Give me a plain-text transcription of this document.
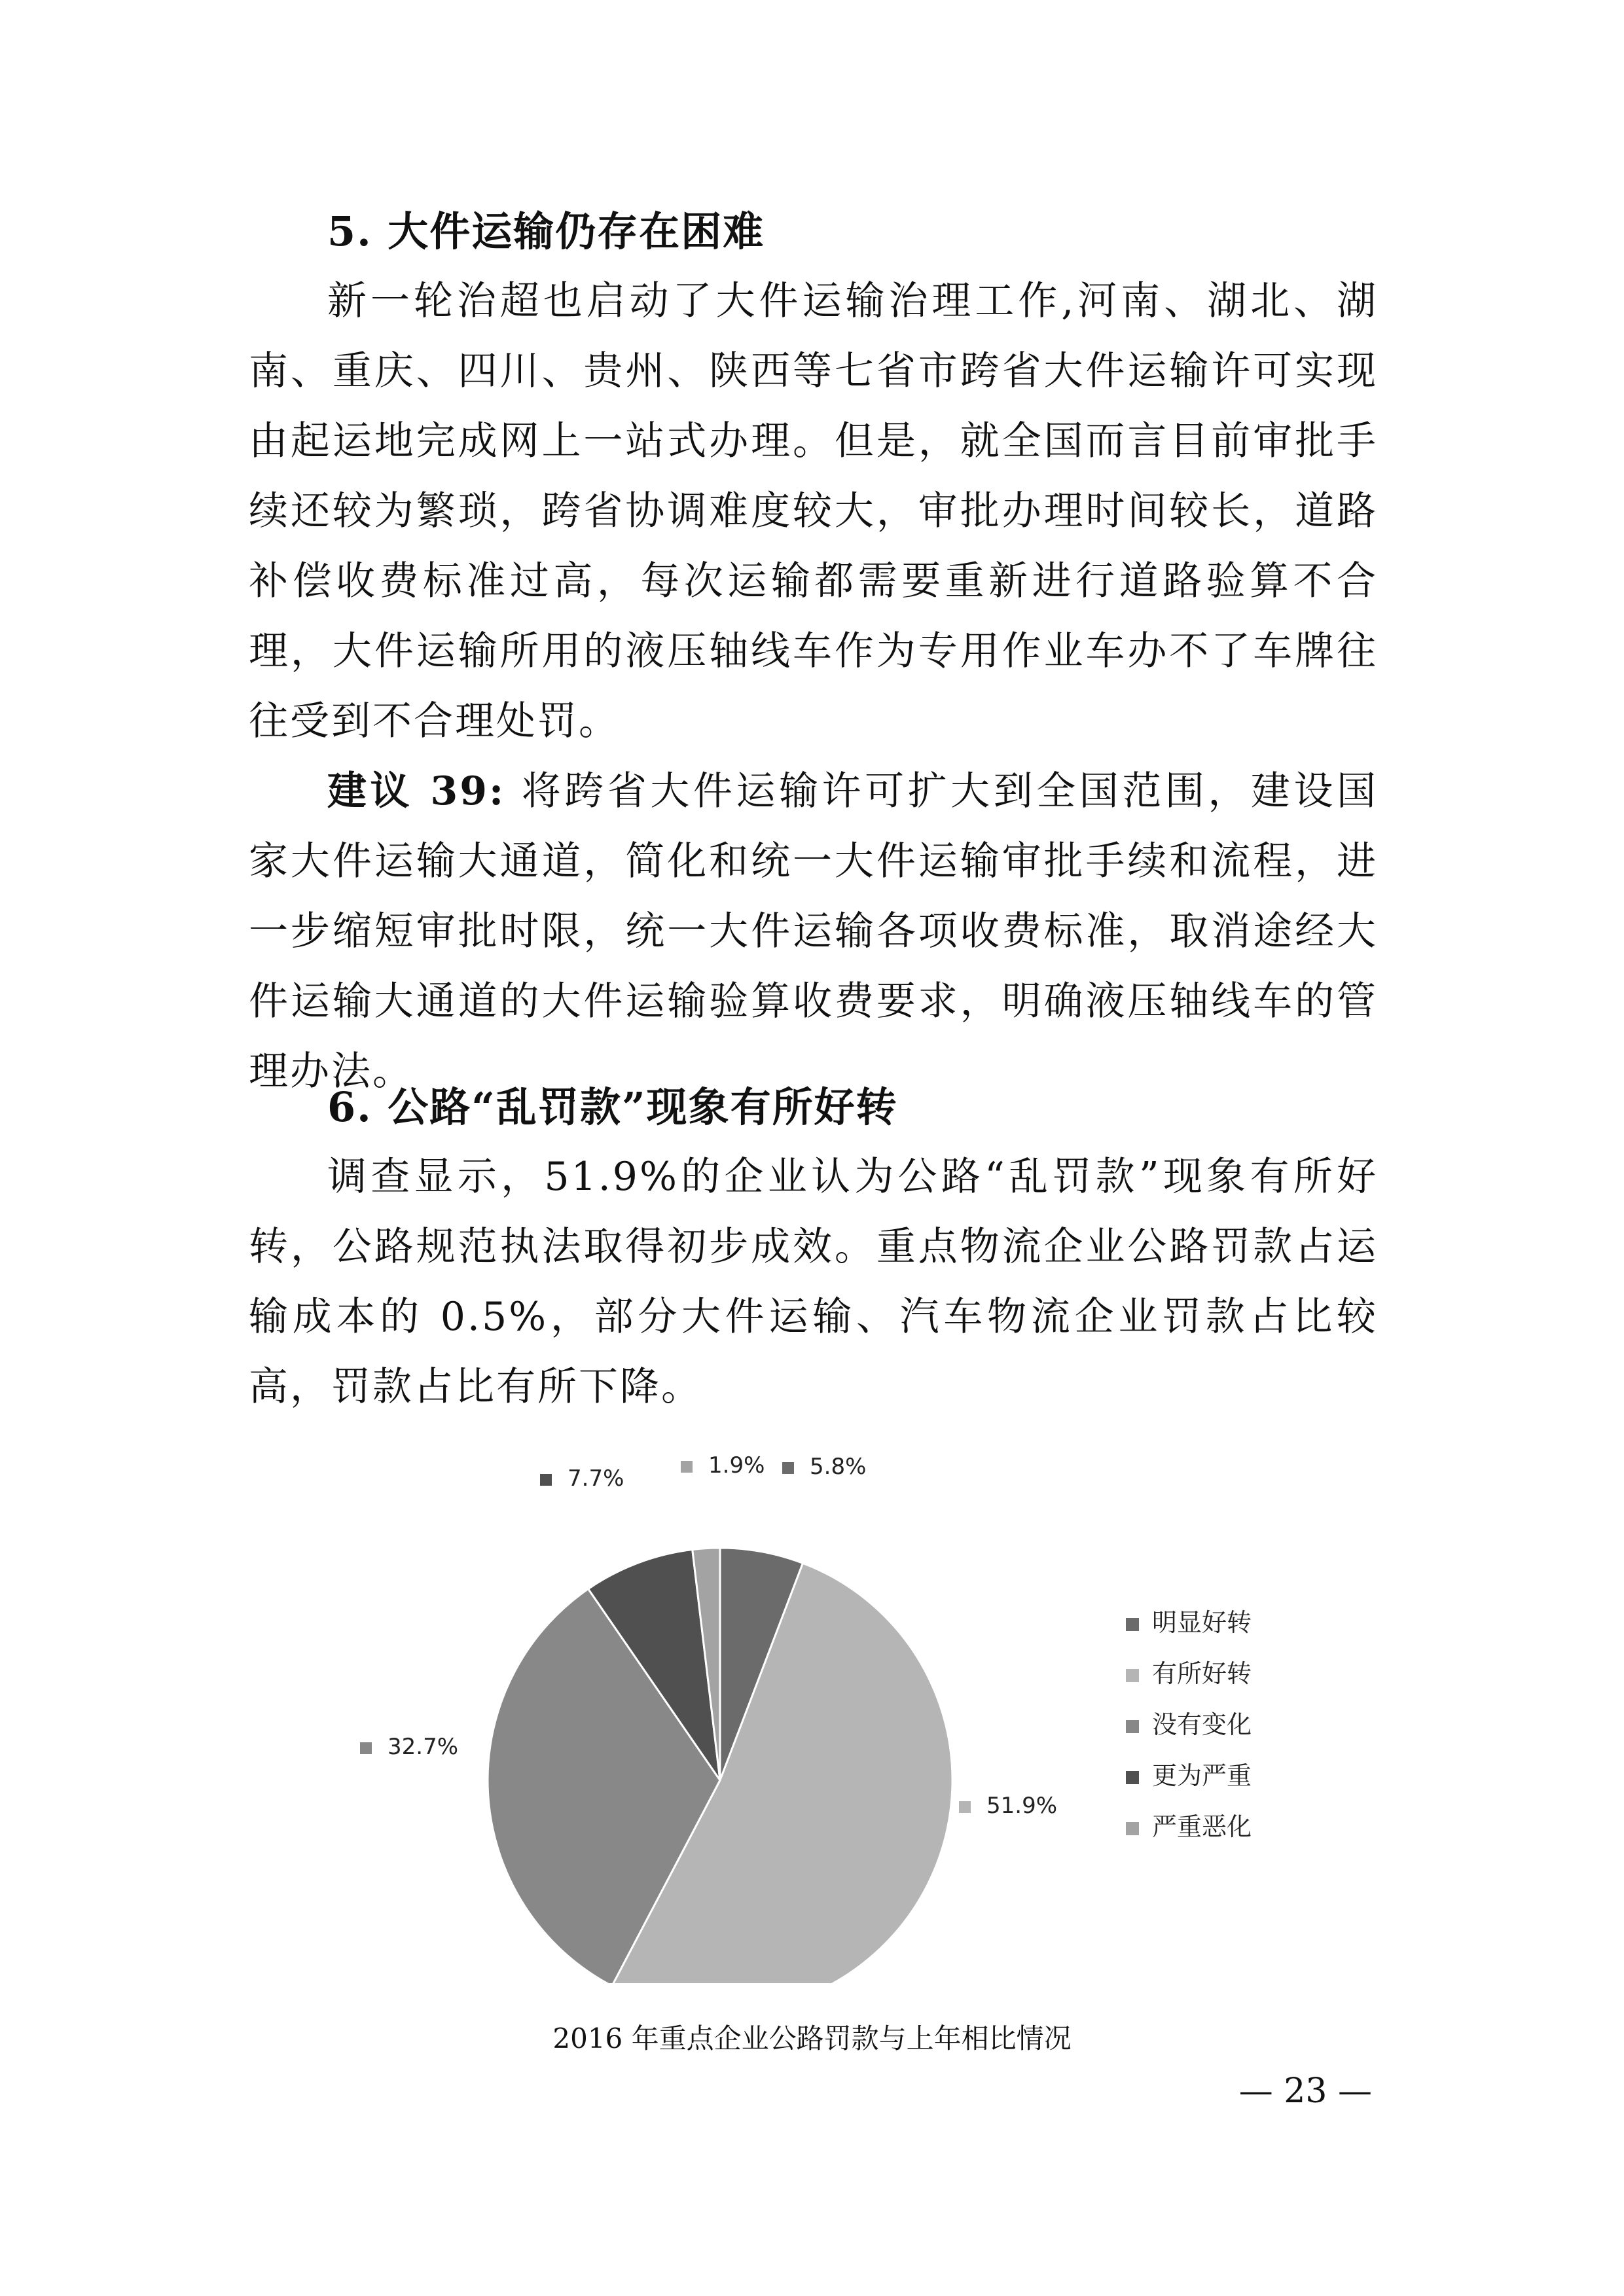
5. 大件运输仍存在困难

新一轮治超也启动了大件运输治理工作,河南、湖北、湖南、重庆、四川、贵州、陕西等七省市跨省大件运输许可实现由起运地完成网上一站式办理。但是，就全国而言目前审批手续还较为繁琐，跨省协调难度较大，审批办理时间较长，道路补偿收费标准过高，每次运输都需要重新进行道路验算不合理，大件运输所用的液压轴线车作为专用作业车办不了车牌往往受到不合理处罚。

建议 39: 将跨省大件运输许可扩大到全国范围，建设国家大件运输大通道，简化和统一大件运输审批手续和流程，进一步缩短审批时限，统一大件运输各项收费标准，取消途经大件运输大通道的大件运输验算收费要求，明确液压轴线车的管理办法。

6. 公路“乱罚款”现象有所好转

调查显示，51.9%的企业认为公路“乱罚款”现象有所好转，公路规范执法取得初步成效。重点物流企业公路罚款占运输成本的 0.5%，部分大件运输、汽车物流企业罚款占比较高，罚款占比有所下降。

5.8%
51.9%
32.7%
7.7%	1.9%
明显好转
有所好转
没有变化
更为严重
严重恶化
2016 年重点企业公路罚款与上年相比情况
— 23 —
